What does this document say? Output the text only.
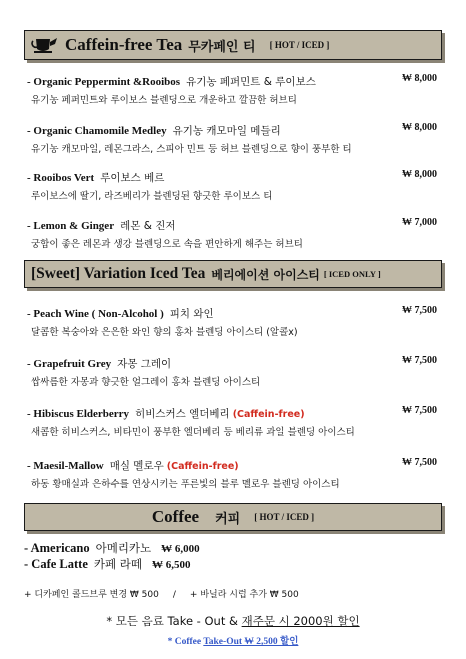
Caffein-free Tea 무카페인 티 [ HOT / ICED ]
- Organic Peppermint &Rooibos 유기농 페퍼민트 & 루이보스	₩ 8,000
유기농 페퍼민트와 루이보스 블렌딩으로 개운하고 깔끔한 허브티
- Organic Chamomile Medley 유기농 캐모마일 메들리	₩ 8,000
유기농 캐모마일, 레몬그라스, 스피아 민트 등 허브 블렌딩으로 향이 풍부한 티
- Rooibos Vert 루이보스 베르	₩ 8,000
루이보스에 딸기, 라즈베리가 블렌딩된 향긋한 루이보스 티
- Lemon & Ginger 레몬 & 진저	₩ 7,000
궁합이 좋은 레몬과 생강 블렌딩으로 속을 편안하게 해주는 허브티
[Sweet] Variation Iced Tea 베리에이션 아이스티 [ ICED ONLY ]
- Peach Wine ( Non-Alcohol ) 피치 와인	₩ 7,500
달콤한 복숭아와 은은한 와인 향의 홍차 블렌딩 아이스티 (알콜x)
- Grapefruit Grey 자몽 그레이	₩ 7,500
쌉싸름한 자몽과 향긋한 얼그레이 홍차 블렌딩 아이스티
- Hibiscus Elderberry 히비스커스 엘더베리 (Caffein-free)	₩ 7,500
새콤한 히비스커스, 비타민이 풍부한 엘더베리 등 베리류 과일 블렌딩 아이스티
- Maesil-Mallow 매실 멜로우 (Caffein-free)	₩ 7,500
하동 황매실과 은하수를 연상시키는 푸른빛의 블루 멜로우 블렌딩 아이스티
Coffee 커피 [ HOT / ICED ]
- Americano 아메리카노 ₩ 6,000
- Cafe Latte 카페 라떼 ₩ 6,500
+ 디카페인 콜드브루 변경 ₩ 500 / + 바닐라 시럽 추가 ₩ 500
* 모든 음료 Take - Out & 재주문 시 2000원 할인
* Coffee Take-Out ₩ 2,500 할인
